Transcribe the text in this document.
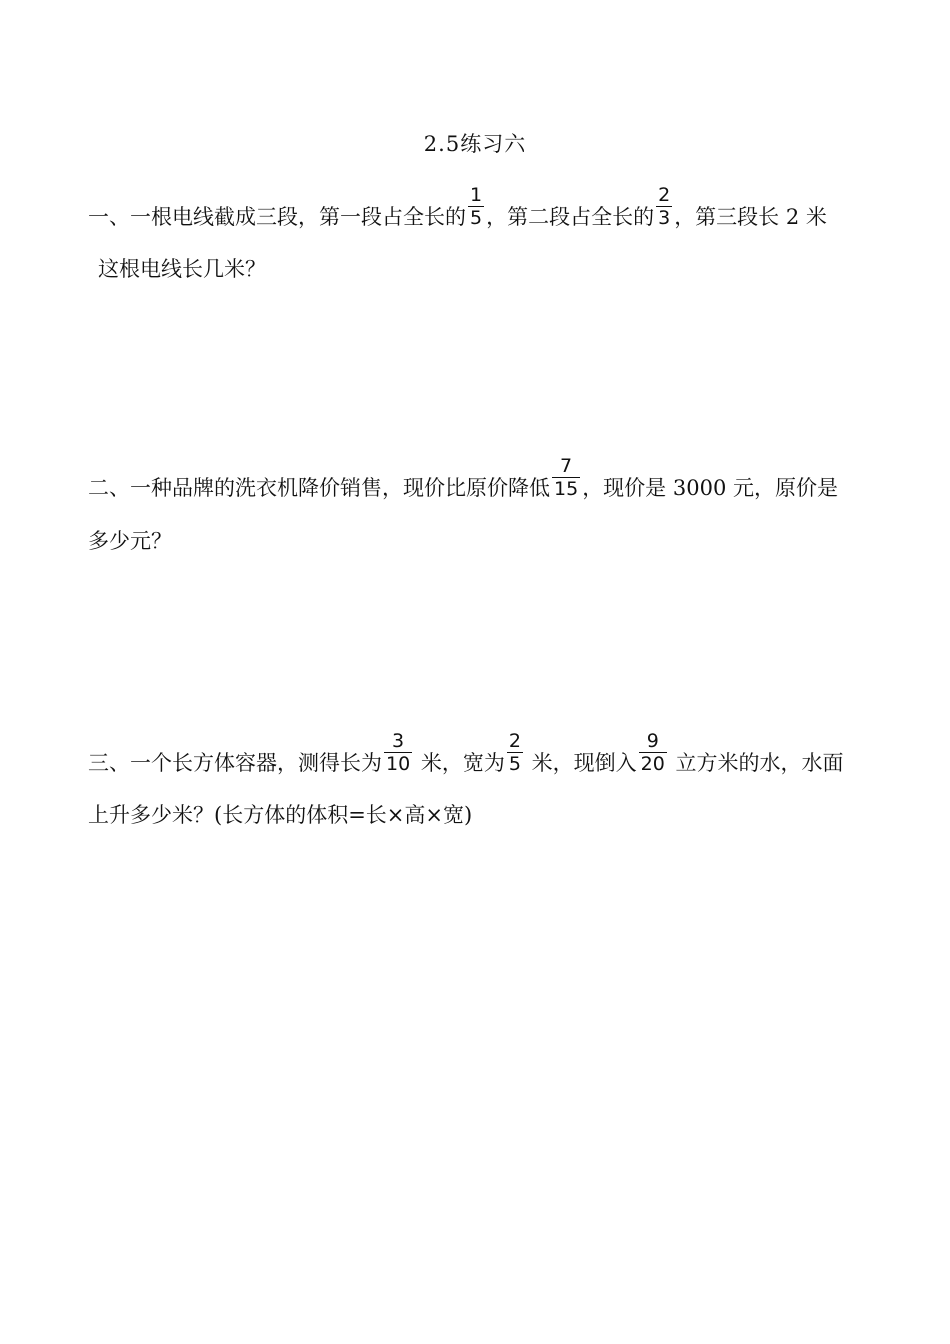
2.5练习六
一、一根电线截成三段，第一段占全长的 $\frac{1}{5}$ ，第二段占全长的 $\frac{2}{3}$ ，第三段长 2 米
这根电线长几米？
二、一种品牌的洗衣机降价销售，现价比原价降低 $\frac{7}{15}$ ，现价是 3000 元，原价是
多少元？
三、一个长方体容器，测得长为 $\frac{3}{10}$ 米，宽为 $\frac{2}{5}$ 米，现倒入 $\frac{9}{20}$ 立方米的水，水面
上升多少米？(长方体的体积=长×高×宽)
